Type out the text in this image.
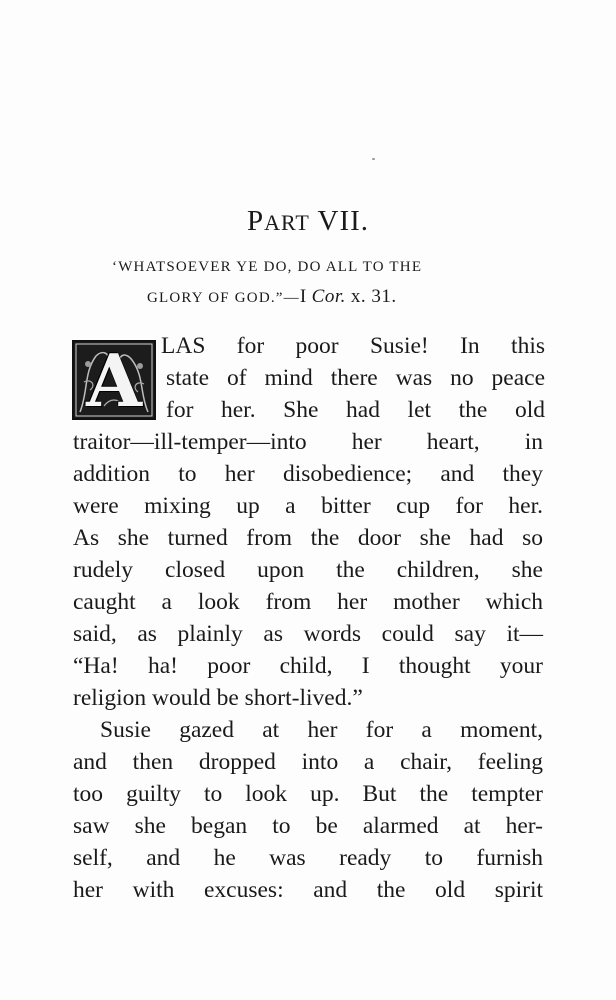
PART VII.
‘WHATSOEVER YE DO, DO ALL TO THE
GLORY OF GOD.”—I Cor. x. 31.
A LAS for poor Susie! In this
state of mind there was no peace
for her. She had let the old
traitor—ill-temper—into her heart, in
addition to her disobedience; and they
were mixing up a bitter cup for her.
As she turned from the door she had so
rudely closed upon the children, she
caught a look from her mother which
said, as plainly as words could say it—
“Ha! ha! poor child, I thought your
religion would be short-lived.”
Susie gazed at her for a moment,
and then dropped into a chair, feeling
too guilty to look up. But the tempter
saw she began to be alarmed at her-
self, and he was ready to furnish
her with excuses: and the old spirit
